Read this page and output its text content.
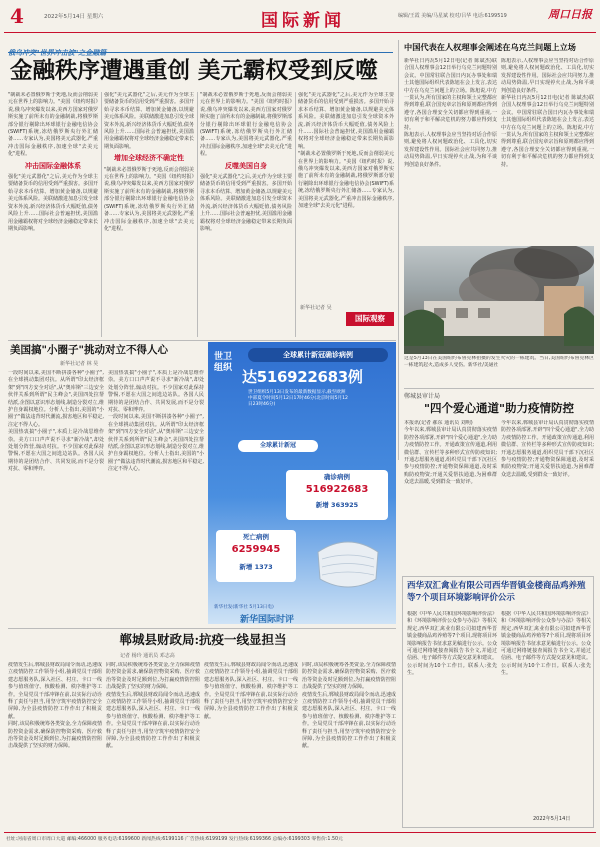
4	2022年5月14日 星期六	国际新闻	编辑/王霞 美编/马星斌 校对/吕华 电话:6199519	周口日报
俄乌冲突"世界冲击波"之金融篇
金融秩序遭遇重创 美元霸权受到反噬

"制裁未必置俄罗斯于死地,反而会削弱美元在世界上的影响力。"美国《纽约时报》说,俄乌冲突爆发以来,美西方国家对俄罗斯实施了前所未有的金融制裁,将俄罗斯部分银行剔除出环球银行金融电信协会(SWIFT)系统,冻结俄罗斯央行外汇储备……专家认为,美国将美元武器化,严重冲击国际金融秩序,加速全球"去美元化"进程。

冲击国际金融体系

强化"美元武器化"之后,美元作为全球主要储备货币的信用受到严重损害。多国开始寻求本币结算、增加黄金储备,以规避美元体系风险。美联储激进加息引发全球资本外流,新兴经济体货币大幅贬值,债务风险上升……国际社会普遍担忧,美国滥用金融霸权将对全球经济金融稳定带来长期负面影响。

强化"美元武器化"之后,美元作为全球主要储备货币的信用受到严重损害。多国开始寻求本币结算、增加黄金储备,以规避美元体系风险。美联储激进加息引发全球资本外流,新兴经济体货币大幅贬值,债务风险上升……国际社会普遍担忧,美国滥用金融霸权将对全球经济金融稳定带来长期负面影响。

增加全球经济不确定性

"制裁未必置俄罗斯于死地,反而会削弱美元在世界上的影响力。"美国《纽约时报》说,俄乌冲突爆发以来,美西方国家对俄罗斯实施了前所未有的金融制裁,将俄罗斯部分银行剔除出环球银行金融电信协会(SWIFT)系统,冻结俄罗斯央行外汇储备……专家认为,美国将美元武器化,严重冲击国际金融秩序,加速全球"去美元化"进程。

"制裁未必置俄罗斯于死地,反而会削弱美元在世界上的影响力。"美国《纽约时报》说,俄乌冲突爆发以来,美西方国家对俄罗斯实施了前所未有的金融制裁,将俄罗斯部分银行剔除出环球银行金融电信协会(SWIFT)系统,冻结俄罗斯央行外汇储备……专家认为,美国将美元武器化,严重冲击国际金融秩序,加速全球"去美元化"进程。

反噬美国自身

强化"美元武器化"之后,美元作为全球主要储备货币的信用受到严重损害。多国开始寻求本币结算、增加黄金储备,以规避美元体系风险。美联储激进加息引发全球资本外流,新兴经济体货币大幅贬值,债务风险上升……国际社会普遍担忧,美国滥用金融霸权将对全球经济金融稳定带来长期负面影响。

强化"美元武器化"之后,美元作为全球主要储备货币的信用受到严重损害。多国开始寻求本币结算、增加黄金储备,以规避美元体系风险。美联储激进加息引发全球资本外流,新兴经济体货币大幅贬值,债务风险上升……国际社会普遍担忧,美国滥用金融霸权将对全球经济金融稳定带来长期负面影响。

"制裁未必置俄罗斯于死地,反而会削弱美元在世界上的影响力。"美国《纽约时报》说,俄乌冲突爆发以来,美西方国家对俄罗斯实施了前所未有的金融制裁,将俄罗斯部分银行剔除出环球银行金融电信协会(SWIFT)系统,冻结俄罗斯央行外汇储备……专家认为,美国将美元武器化,严重冲击国际金融秩序,加速全球"去美元化"进程。

新华社记者 吴
国际观察
中国代表在人权理事会阐述在乌克兰问题上立场

新华社日内瓦5月12日电(记者 陈斌杰)联合国人权理事会12日举行乌克兰问题特别会议。中国常驻联合国日内瓦办事处和瑞士其他国际组织代表陈旭在会上发言,表达中方在乌克兰问题上的立场。陈旭说,中方一贯认为,所有国家的主权和领土完整都应得到尊重,联合国宪章宗旨和原则都应得到遵守,各国合理安全关切都应得到重视,一切有利于和平解决危机的努力都应得到支持。

陈旭表示,人权理事会应当坚持对话合作原则,避免将人权问题政治化、工具化,切实发挥建设性作用。国际社会应共同努力,推动局势降温,早日实现停火止战,为和平谈判创造良好条件。

陈旭表示,人权理事会应当坚持对话合作原则,避免将人权问题政治化、工具化,切实发挥建设性作用。国际社会应共同努力,推动局势降温,早日实现停火止战,为和平谈判创造良好条件。

新华社日内瓦5月12日电(记者 陈斌杰)联合国人权理事会12日举行乌克兰问题特别会议。中国常驻联合国日内瓦办事处和瑞士其他国际组织代表陈旭在会上发言,表达中方在乌克兰问题上的立场。陈旭说,中方一贯认为,所有国家的主权和领土完整都应得到尊重,联合国宪章宗旨和原则都应得到遵守,各国合理安全关切都应得到重视,一切有利于和平解决危机的努力都应得到支持。

这是5月13日在美国纽约布鲁克林拍摄的发生火灾的一栋建筑。当日,美国纽约布鲁克林区一栋建筑起火,造成多人受伤。新华社/美通社
郸城县审计局
"四个爱心通道"助力疫情防控

本报讯(记者 郝东 通讯员 刘明)

今年以来,郸城县审计局认真贯彻落实疫情防控各项部署,开辟"四个爱心通道",全力助力疫情防控工作。开通政策宣传通道,利用微信群、宣传栏等多种形式宣传防疫知识;开通志愿服务通道,组织党员干部下沉社区参与疫情防控;开通物资保障通道,及时采购防疫物资;开通关爱帮扶通道,为困难群众送去温暖,受到群众一致好评。

今年以来,郸城县审计局认真贯彻落实疫情防控各项部署,开辟"四个爱心通道",全力助力疫情防控工作。开通政策宣传通道,利用微信群、宣传栏等多种形式宣传防疫知识;开通志愿服务通道,组织党员干部下沉社区参与疫情防控;开通物资保障通道,及时采购防疫物资;开通关爱帮扶通道,为困难群众送去温暖,受到群众一致好评。

美国搞"小圈子"挑动对立不得人心
新华社记者 林 昊

一段时间以来,美国不断拼凑各种"小圈子",在全球挑动集团对抗。从所谓"印太经济框架"到"四方安全对话",从"奥库斯"三边安全伙伴关系到所谓"民主峰会",美国四处拉帮结派,企图以意识形态划线,制造分裂对立,维护自身霸权地位。分析人士指出,美国的"小圈子"做法违背时代潮流,损害地区和平稳定,注定不得人心。

美国热衷搞"小圈子",本质上是冷战思维作祟。美方口口声声说不寻求"新冷战",却处处划分阵营,煽动对抗。不少国家对此保持警惕,不愿在大国之间选边站队。各国人民期待的是团结合作、共同发展,而不是分裂对抗、零和博弈。

美国热衷搞"小圈子",本质上是冷战思维作祟。美方口口声声说不寻求"新冷战",却处处划分阵营,煽动对抗。不少国家对此保持警惕,不愿在大国之间选边站队。各国人民期待的是团结合作、共同发展,而不是分裂对抗、零和博弈。

一段时间以来,美国不断拼凑各种"小圈子",在全球挑动集团对抗。从所谓"印太经济框架"到"四方安全对话",从"奥库斯"三边安全伙伴关系到所谓"民主峰会",美国四处拉帮结派,企图以意识形态划线,制造分裂对立,维护自身霸权地位。分析人士指出,美国的"小圈子"做法违背时代潮流,损害地区和平稳定,注定不得人心。

世卫组织
全球累计新冠确诊病例
达516922683例
世卫组织5月13日发布的最新数据显示,截至欧洲中部夏令时间5月12日17时46分(北京时间5月12日23时46分)
全球累计新冠
确诊病例
516922683
新增 363925
死亡病例
6259945
新增 1373
新华社发(新华社 5月13日电)
新华国际时评
郸城县财政局:抗疫一线显担当
记者 杨玲 通讯员 邓志高

疫情发生后,郸城县财政局闻令而动,迅速成立疫情防控工作领导小组,抽调党员干部组建志愿服务队,深入社区、村庄、卡口一线参与值班值守、核酸检测、秩序维护等工作。全局党员干部冲锋在前,以实际行动诠释了责任与担当,用坚守筑牢疫情防控安全屏障,为全县疫情防控工作作出了积极贡献。

同时,该局积极统筹各类资金,全力保障疫情防控资金需求,确保防控物资采购、医疗救治等资金及时足额到位,为打赢疫情防控阻击战提供了坚实的财力保障。

同时,该局积极统筹各类资金,全力保障疫情防控资金需求,确保防控物资采购、医疗救治等资金及时足额到位,为打赢疫情防控阻击战提供了坚实的财力保障。

疫情发生后,郸城县财政局闻令而动,迅速成立疫情防控工作领导小组,抽调党员干部组建志愿服务队,深入社区、村庄、卡口一线参与值班值守、核酸检测、秩序维护等工作。全局党员干部冲锋在前,以实际行动诠释了责任与担当,用坚守筑牢疫情防控安全屏障,为全县疫情防控工作作出了积极贡献。

疫情发生后,郸城县财政局闻令而动,迅速成立疫情防控工作领导小组,抽调党员干部组建志愿服务队,深入社区、村庄、卡口一线参与值班值守、核酸检测、秩序维护等工作。全局党员干部冲锋在前,以实际行动诠释了责任与担当,用坚守筑牢疫情防控安全屏障,为全县疫情防控工作作出了积极贡献。

同时,该局积极统筹各类资金,全力保障疫情防控资金需求,确保防控物资采购、医疗救治等资金及时足额到位,为打赢疫情防控阻击战提供了坚实的财力保障。

疫情发生后,郸城县财政局闻令而动,迅速成立疫情防控工作领导小组,抽调党员干部组建志愿服务队,深入社区、村庄、卡口一线参与值班值守、核酸检测、秩序维护等工作。全局党员干部冲锋在前,以实际行动诠释了责任与担当,用坚守筑牢疫情防控安全屏障,为全县疫情防控工作作出了积极贡献。

西华双汇禽业有限公司西华晋镇金楼商品鸡养殖等7个项目环境影响评价公示

根据《中华人民共和国环境影响评价法》和《环境影响评价公众参与办法》等相关规定,西华双汇禽业有限公司拟建西华晋镇金楼商品鸡养殖等7个项目,现将项目环境影响报告书征求意见稿进行公示。公众可通过网络链接查阅报告书全文,并通过信函、电子邮件等方式提交意见和建议。公示时间为10个工作日。联系人:张先生。

根据《中华人民共和国环境影响评价法》和《环境影响评价公众参与办法》等相关规定,西华双汇禽业有限公司拟建西华晋镇金楼商品鸡养殖等7个项目,现将项目环境影响报告书征求意见稿进行公示。公众可通过网络链接查阅报告书全文,并通过信函、电子邮件等方式提交意见和建议。公示时间为10个工作日。联系人:张先生。

2022年5月14日
社址:河南省周口市周口大道 邮编:466000 服务电话:6199600 新闻热线:6199116 广告热线:6199199 发行热线:6199366 总编办:6199303 零售价:1.50元
